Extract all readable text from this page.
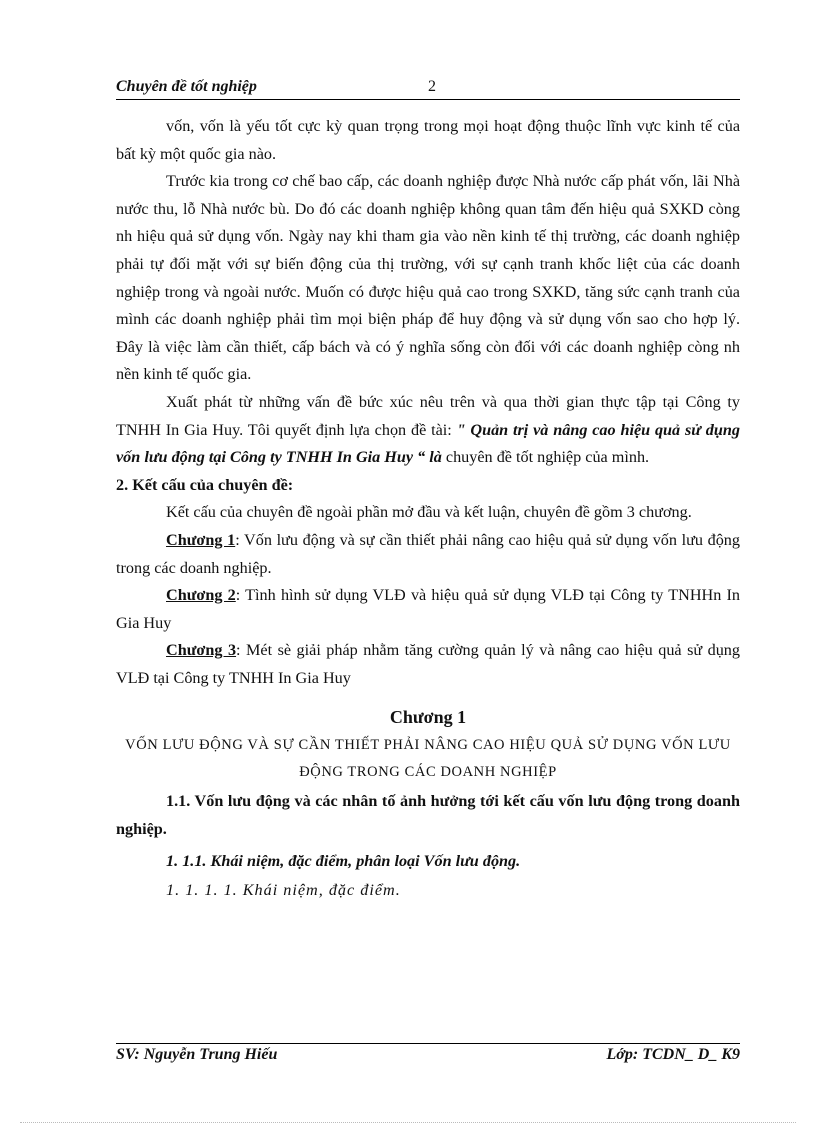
Chuyên đề tốt nghiệp	2

vốn, vốn là yếu tốt cực kỳ quan trọng trong mọi hoạt động thuộc lĩnh vực kinh tế của bất kỳ một quốc gia nào.

Trước kia trong cơ chế bao cấp, các doanh nghiệp được Nhà nước cấp phát vốn, lãi Nhà nước thu, lỗ Nhà nước bù. Do đó các doanh nghiệp không quan tâm đến hiệu quả SXKD còng nh hiệu quả sử dụng vốn. Ngày nay khi tham gia vào nền kinh tế thị trường, các doanh nghiệp phải tự đối mặt với sự biến động của thị trường, với sự cạnh tranh khốc liệt của các doanh nghiệp trong và ngoài nước. Muốn có được hiệu quả cao trong SXKD, tăng sức cạnh tranh của mình các doanh nghiệp phải tìm mọi biện pháp để huy động và sử dụng vốn sao cho hợp lý. Đây là việc làm cần thiết, cấp bách và có ý nghĩa sống còn đối với các doanh nghiệp còng nh nền kinh tế quốc gia.

Xuất phát từ những vấn đề bức xúc nêu trên và qua thời gian thực tập tại Công ty TNHH In Gia Huy. Tôi quyết định lựa chọn đề tài: " Quản trị và nâng cao hiệu quả sử dụng vốn lưu động tại Công ty TNHH In Gia Huy “ là chuyên đề tốt nghiệp của mình.

2. Kết cấu của chuyên đề:

Kết cấu của chuyên đề ngoài phần mở đầu và kết luận, chuyên đề gồm 3 chương.

Chương 1: Vốn lưu động và sự cần thiết phải nâng cao hiệu quả sử dụng vốn lưu động trong các doanh nghiệp.

Chương 2: Tình hình sử dụng VLĐ và hiệu quả sử dụng VLĐ tại Công ty TNHHn In Gia Huy

Chương 3: Mét sè giải pháp nhằm tăng cường quản lý và nâng cao hiệu quả sử dụng VLĐ tại Công ty TNHH In Gia Huy

Chương 1

VỐN LƯU ĐỘNG VÀ SỰ CẦN THIẾT PHẢI NÂNG CAO HIỆU QUẢ SỬ DỤNG VỐN LƯU ĐỘNG TRONG CÁC DOANH NGHIỆP

1.1. Vốn lưu động và các nhân tố ảnh hưởng tới kết cấu vốn lưu động trong doanh nghiệp.

1. 1.1. Khái niệm, đặc điểm, phân loại Vốn lưu động.

1. 1. 1. 1. Khái niệm, đặc điểm.

SV: Nguyễn Trung Hiếu	Lớp: TCDN_ D_ K9
